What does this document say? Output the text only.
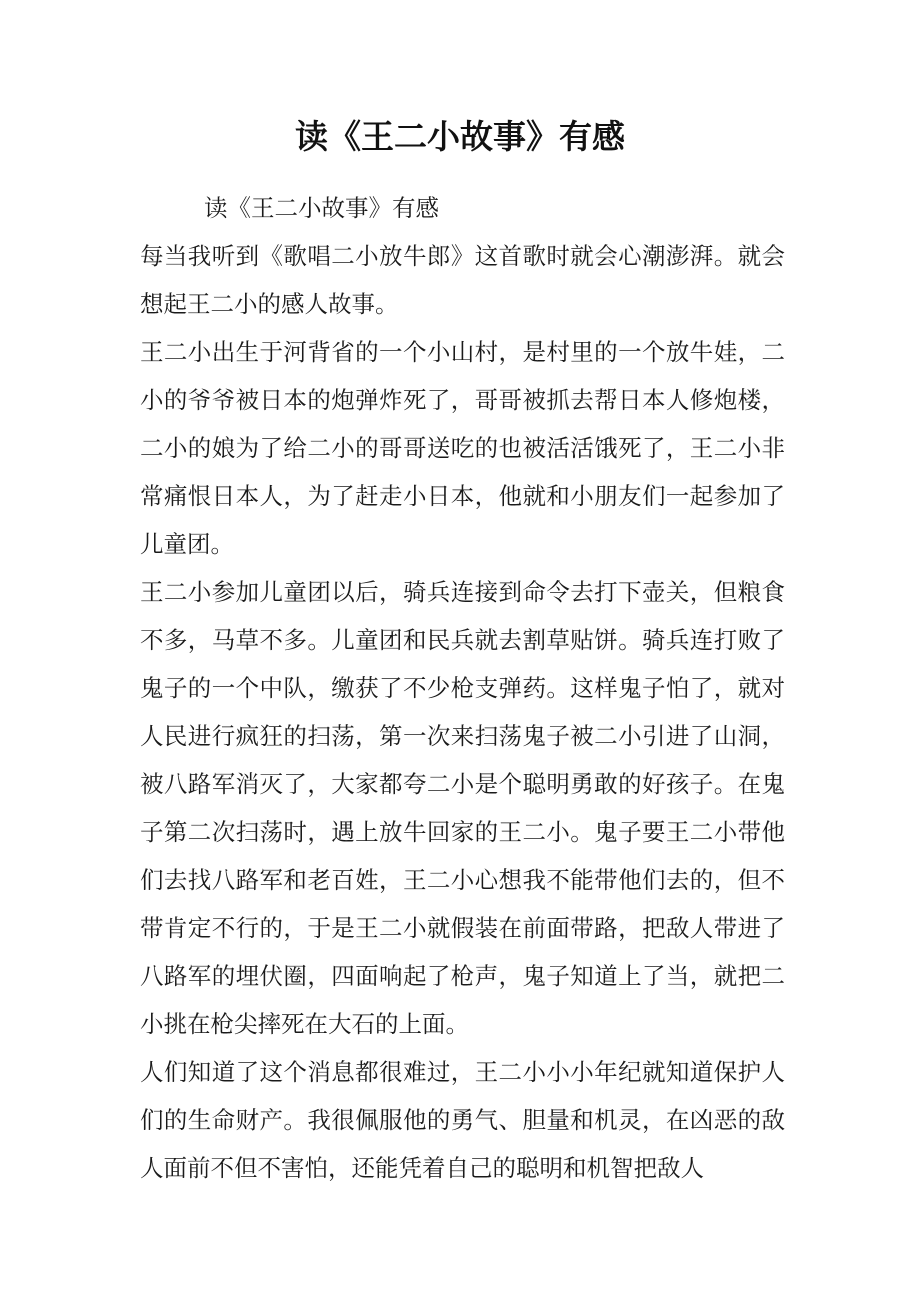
读《王二小故事》有感

读《王二小故事》有感

每当我听到《歌唱二小放牛郎》这首歌时就会心潮澎湃。就会想起王二小的感人故事。

王二小出生于河背省的一个小山村，是村里的一个放牛娃，二小的爷爷被日本的炮弹炸死了，哥哥被抓去帮日本人修炮楼，二小的娘为了给二小的哥哥送吃的也被活活饿死了，王二小非常痛恨日本人，为了赶走小日本，他就和小朋友们一起参加了儿童团。

王二小参加儿童团以后，骑兵连接到命令去打下壶关，但粮食不多，马草不多。儿童团和民兵就去割草贴饼。骑兵连打败了鬼子的一个中队，缴获了不少枪支弹药。这样鬼子怕了，就对人民进行疯狂的扫荡，第一次来扫荡鬼子被二小引进了山洞，被八路军消灭了，大家都夸二小是个聪明勇敢的好孩子。在鬼子第二次扫荡时，遇上放牛回家的王二小。鬼子要王二小带他们去找八路军和老百姓，王二小心想我不能带他们去的，但不带肯定不行的，于是王二小就假装在前面带路，把敌人带进了八路军的埋伏圈，四面响起了枪声，鬼子知道上了当，就把二小挑在枪尖摔死在大石的上面。

人们知道了这个消息都很难过，王二小小小年纪就知道保护人们的生命财产。我很佩服他的勇气、胆量和机灵，在凶恶的敌人面前不但不害怕，还能凭着自己的聪明和机智把敌人
